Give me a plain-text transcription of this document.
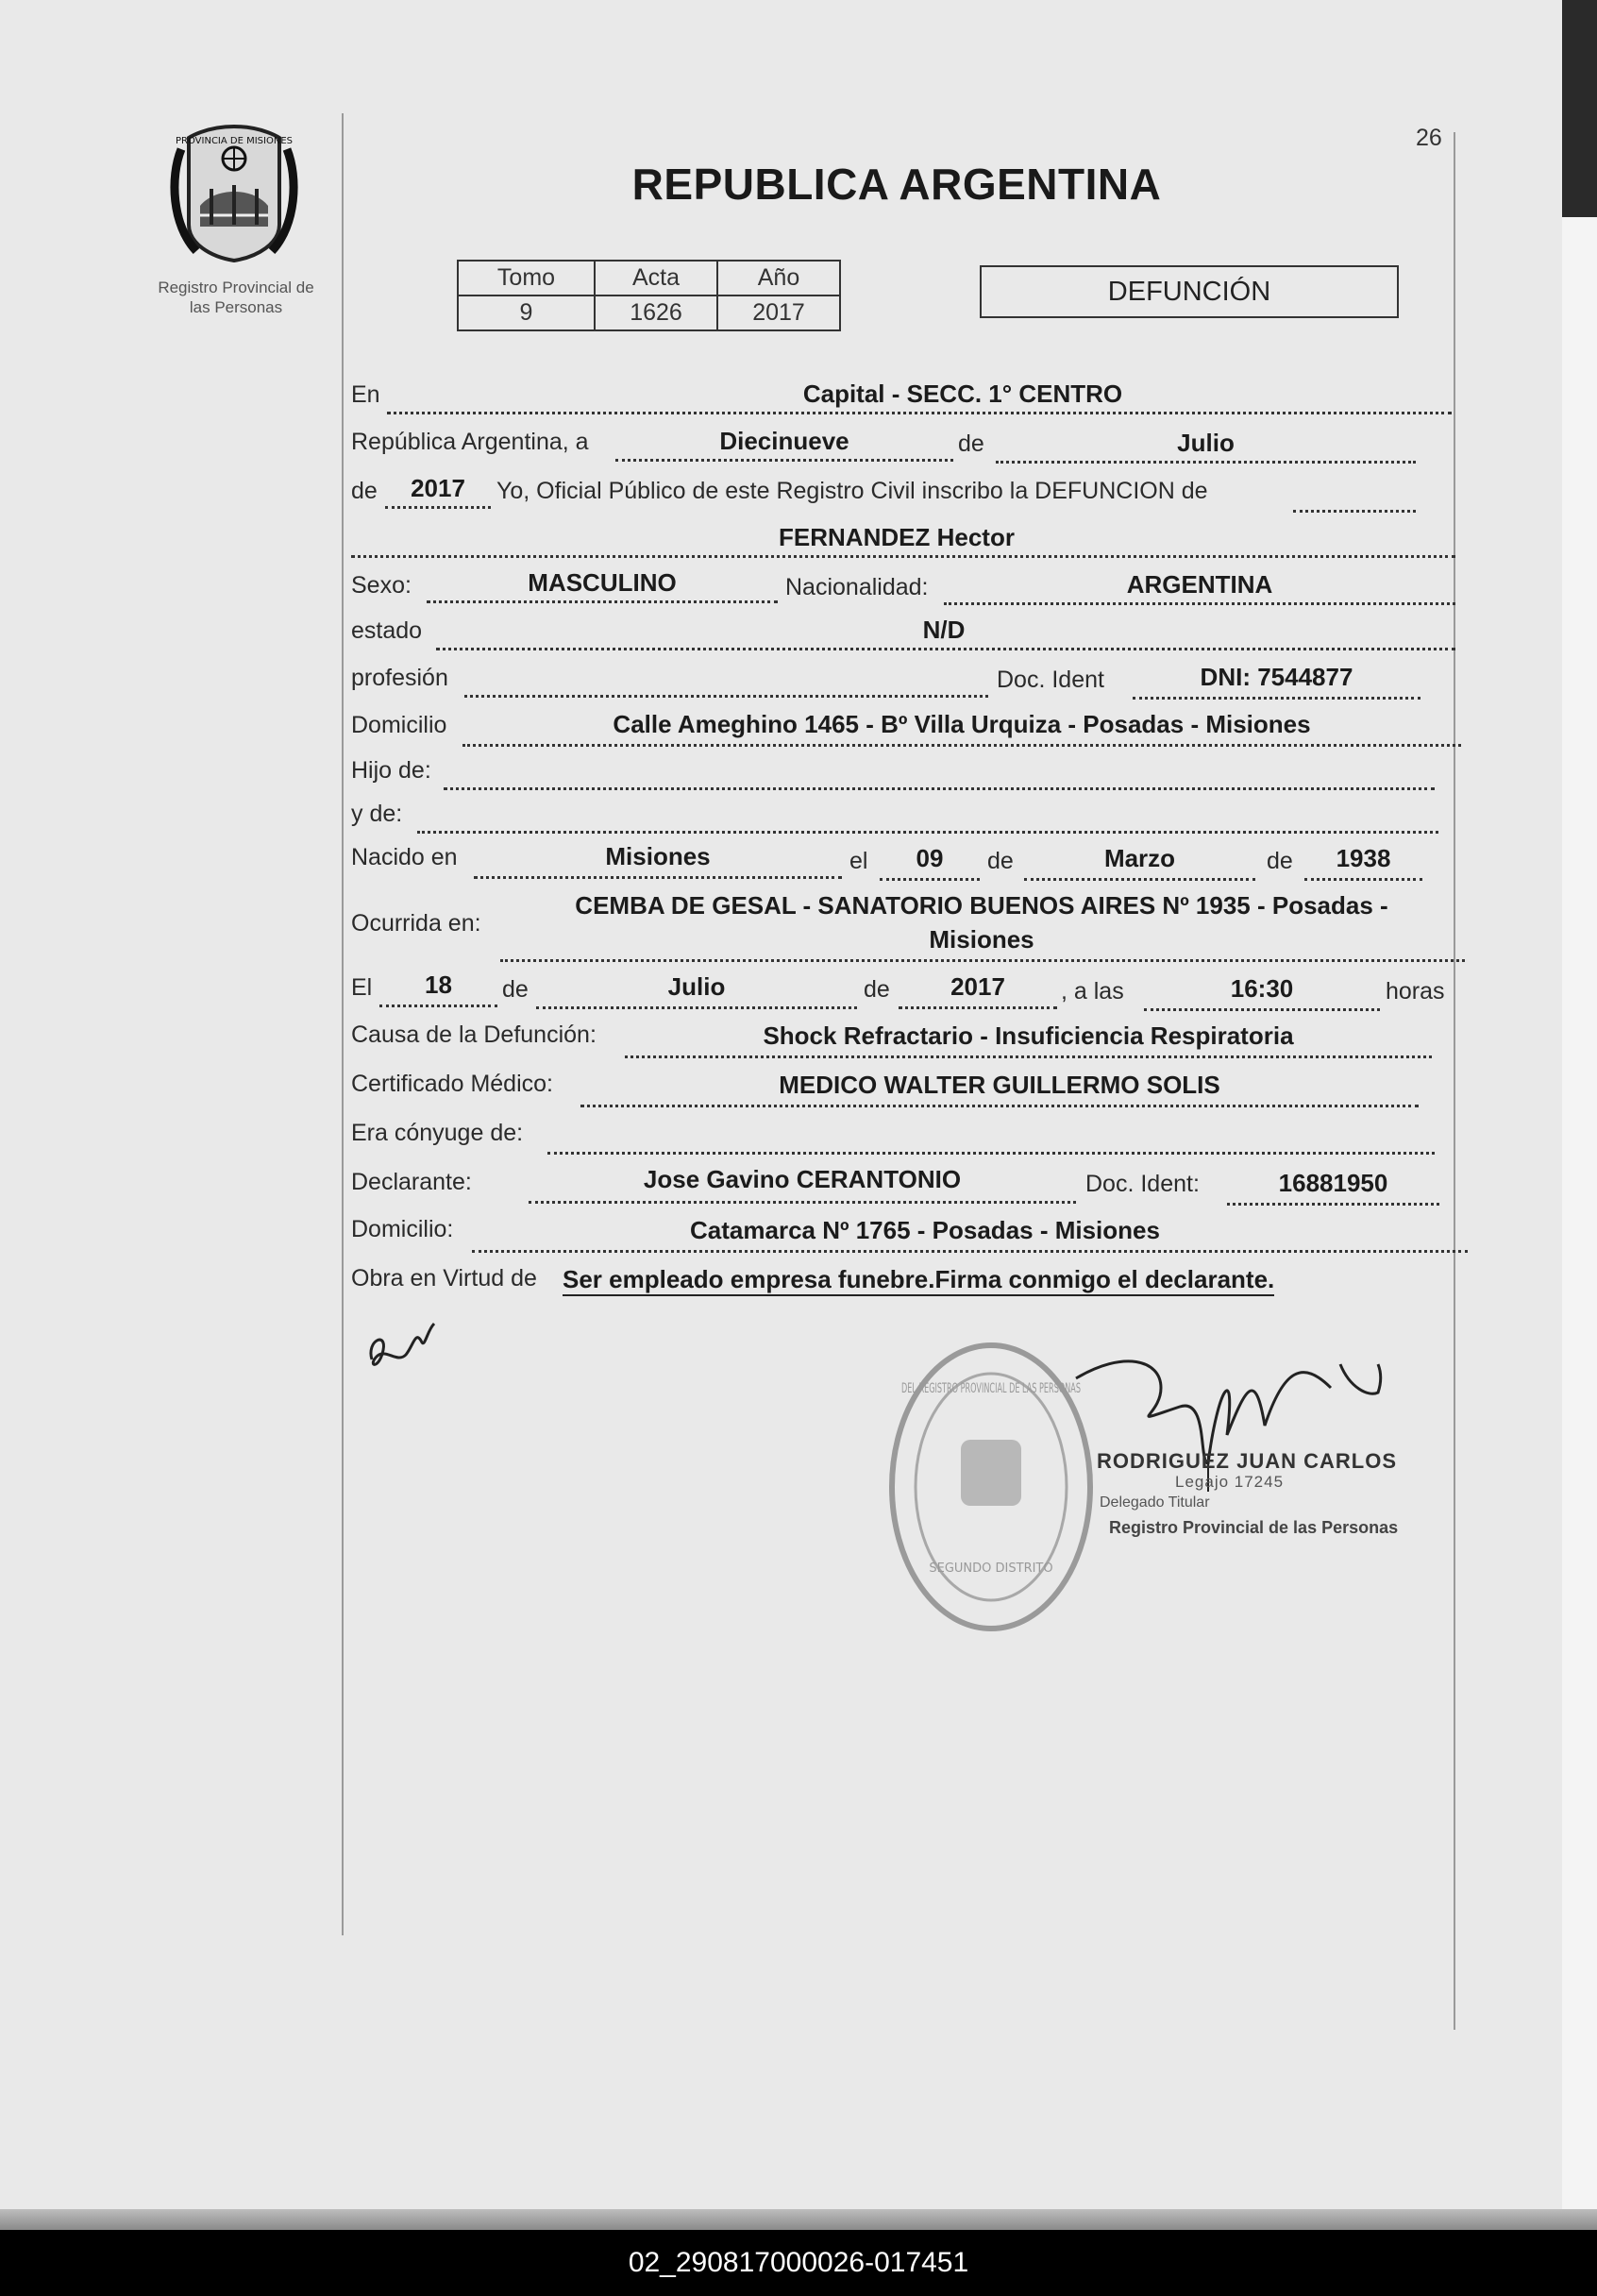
PROVINCIA DE MISIONES
Registro Provincial de
las Personas
26
REPUBLICA ARGENTINA
Tomo	Acta	Año
9	1626	2017
DEFUNCIÓN
En	Capital - SECC. 1° CENTRO
República Argentina, a	Diecinueve	de	Julio
de	2017	Yo, Oficial Público de este Registro Civil inscribo la DEFUNCION de
FERNANDEZ Hector
Sexo:	MASCULINO	Nacionalidad:	ARGENTINA
estado	N/D
profesión	Doc. Ident	DNI: 7544877
Domicilio	Calle Ameghino 1465 - Bº Villa Urquiza - Posadas - Misiones
Hijo de:
y de:
Nacido en	Misiones	el	09	de	Marzo	de	1938
Ocurrida en:
CEMBA DE GESAL - SANATORIO BUENOS AIRES Nº 1935 - Posadas -
Misiones
El	18	de	Julio	de	2017	, a las	16:30	horas
Causa de la Defunción:	Shock Refractario - Insuficiencia Respiratoria
Certificado Médico:	MEDICO WALTER GUILLERMO SOLIS
Era cónyuge de:
Declarante:	Jose Gavino CERANTONIO	Doc. Ident:	16881950
Domicilio:	Catamarca Nº 1765 - Posadas - Misiones
Obra en Virtud de Ser empleado empresa funebre.Firma conmigo el declarante.
DEL REGISTRO PROVINCIAL DE LAS PERSONAS
SEGUNDO DISTRITO
RODRIGUEZ JUAN CARLOS
Legajo 17245
Delegado Titular
Registro Provincial de las Personas
02_290817000026-017451
